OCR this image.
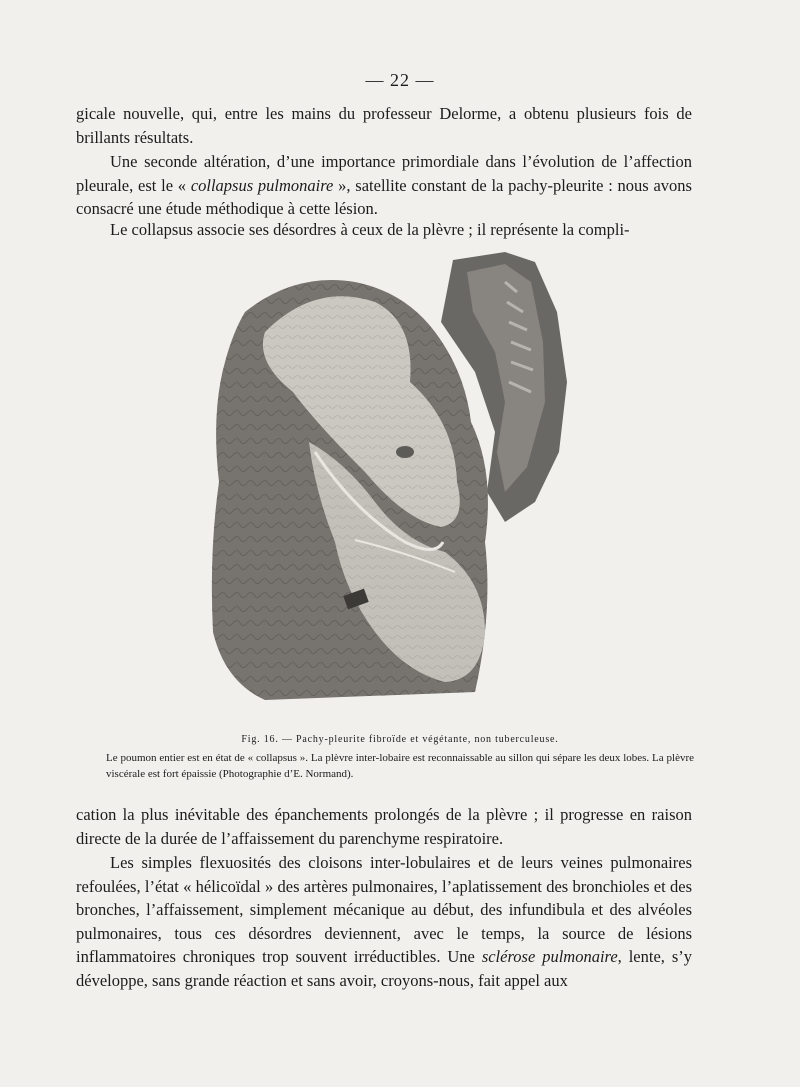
— 22 —

gicale nouvelle, qui, entre les mains du professeur Delorme, a obtenu plusieurs fois de brillants résultats.

Une seconde altération, d’une importance primordiale dans l’évolution de l’affection pleurale, est le « collapsus pulmonaire », satellite constant de la pachy-pleurite : nous avons consacré une étude méthodique à cette lésion.

Le collapsus associe ses désordres à ceux de la plèvre ; il représente la compli-

Fig. 16. — Pachy-pleurite fibroïde et végétante, non tuberculeuse.

Le poumon entier est en état de « collapsus ». La plèvre inter-lobaire est reconnaissable au sillon qui sépare les deux lobes. La plèvre viscérale est fort épaissie (Photographie d’E. Normand).

cation la plus inévitable des épanchements prolongés de la plèvre ; il progresse en raison directe de la durée de l’affaissement du parenchyme respiratoire.

Les simples flexuosités des cloisons inter-lobulaires et de leurs veines pulmonaires refoulées, l’état « hélicoïdal » des artères pulmonaires, l’aplatissement des bronchioles et des bronches, l’affaissement, simplement mécanique au début, des infundibula et des alvéoles pulmonaires, tous ces désordres deviennent, avec le temps, la source de lésions inflammatoires chroniques trop souvent irréductibles. Une sclérose pulmonaire, lente, s’y développe, sans grande réaction et sans avoir, croyons-nous, fait appel aux
